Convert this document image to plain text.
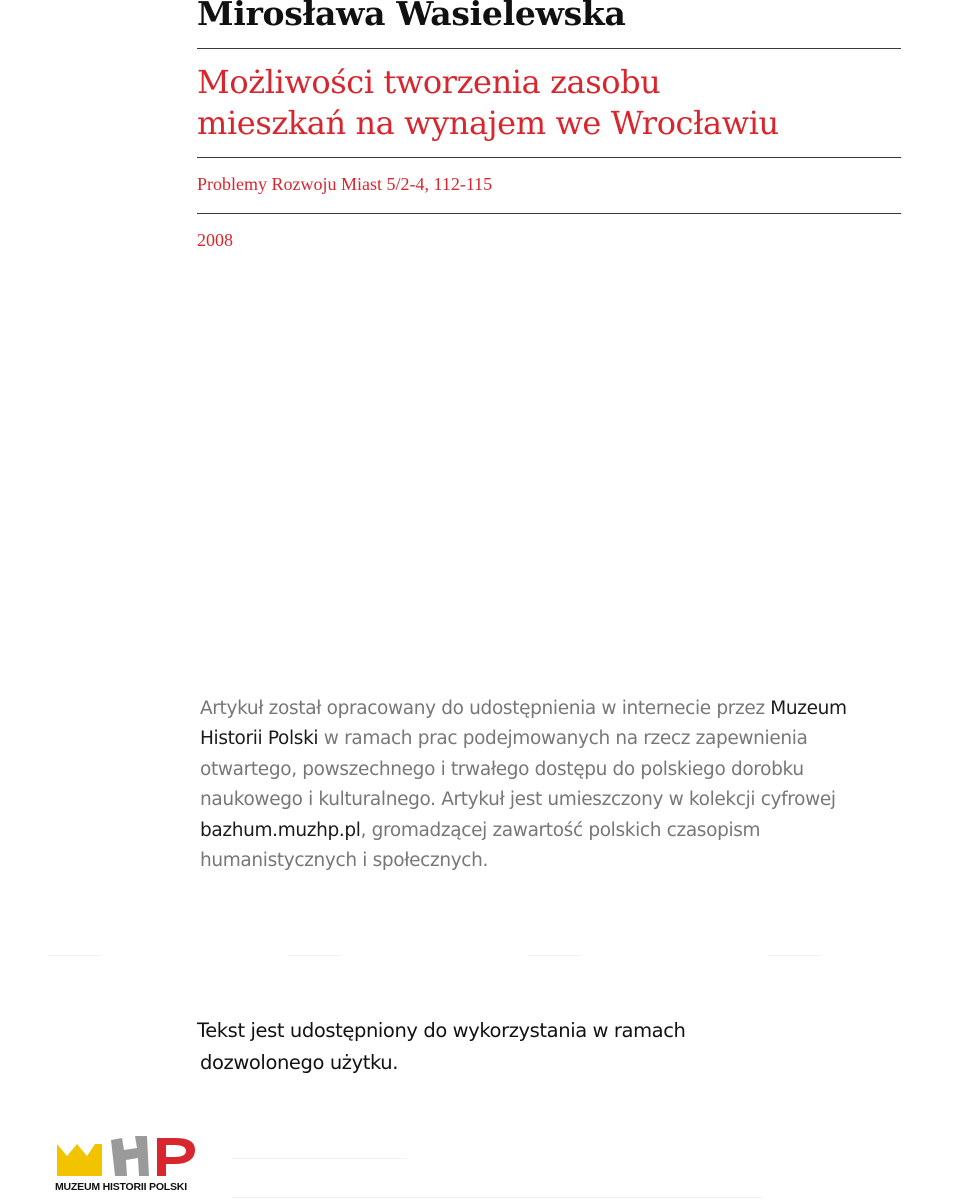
Mirosława Wasielewska
Możliwości tworzenia zasobu
mieszkań na wynajem we Wrocławiu
Problemy Rozwoju Miast 5/2-4, 112-115
2008
Artykuł został opracowany do udostępnienia w internecie przez Muzeum Historii Polski w ramach prac podejmowanych na rzecz zapewnienia otwartego, powszechnego i trwałego dostępu do polskiego dorobku naukowego i kulturalnego. Artykuł jest umieszczony w kolekcji cyfrowej bazhum.muzhp.pl, gromadzącej zawartość polskich czasopism humanistycznych i społecznych.
Tekst jest udostępniony do wykorzystania w ramach
dozwolonego użytku.
MUZEUM HISTORII POLSKI
